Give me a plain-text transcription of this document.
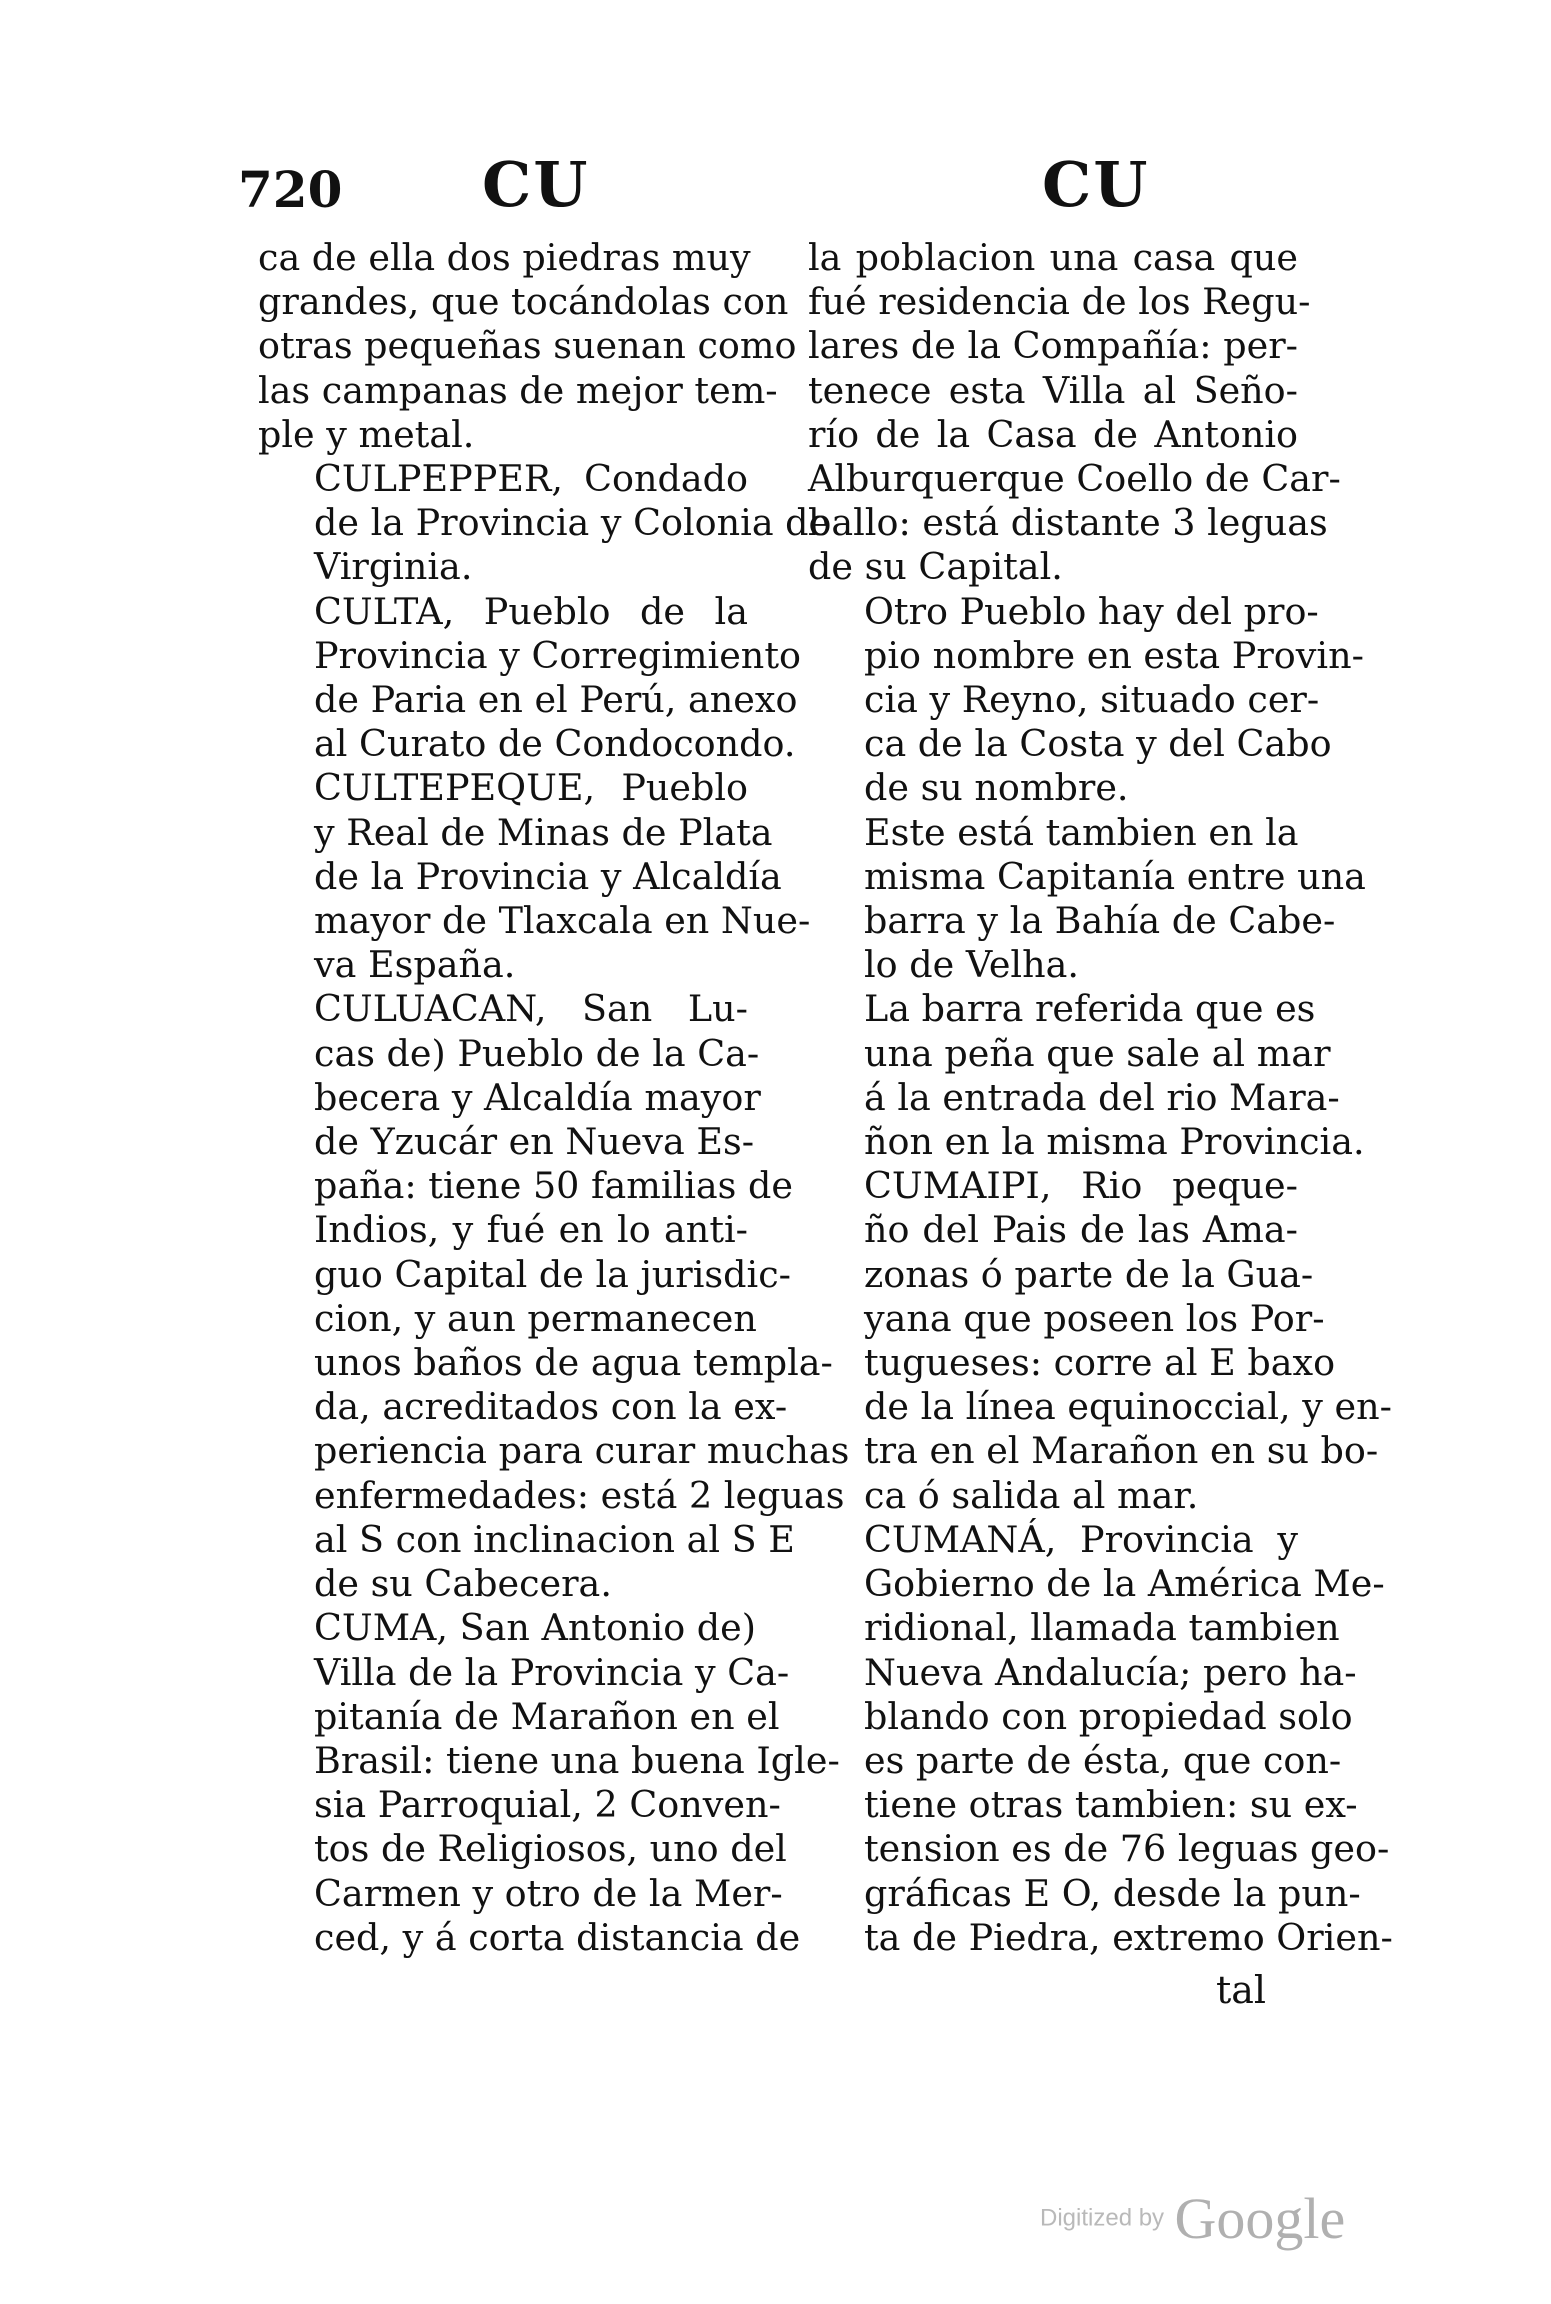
720 CU	CU

ca de ella dos piedras muy
grandes, que tocándolas con
otras pequeñas suenan como
las campanas de mejor tem-
ple y metal.

CULPEPPER, Condado
de la Provincia y Colonia de
Virginia.

CULTA, Pueblo de la
Provincia y Corregimiento
de Paria en el Perú, anexo
al Curato de Condocondo.

CULTEPEQUE, Pueblo
y Real de Minas de Plata
de la Provincia y Alcaldía
mayor de Tlaxcala en Nue-
va España.

CULUACAN, San Lu-
cas de) Pueblo de la Ca-
becera y Alcaldía mayor
de Yzucár en Nueva Es-
paña: tiene 50 familias de
Indios, y fué en lo anti-
guo Capital de la jurisdic-
cion, y aun permanecen
unos baños de agua templa-
da, acreditados con la ex-
periencia para curar muchas
enfermedades: está 2 leguas
al S con inclinacion al S E
de su Cabecera.

CUMA, San Antonio de)
Villa de la Provincia y Ca-
pitanía de Marañon en el
Brasil: tiene una buena Igle-
sia Parroquial, 2 Conven-
tos de Religiosos, uno del
Carmen y otro de la Mer-
ced, y á corta distancia de

la poblacion una casa que
fué residencia de los Regu-
lares de la Compañía: per-
tenece esta Villa al Seño-
río de la Casa de Antonio
Alburquerque Coello de Car-
ballo: está distante 3 leguas
de su Capital.

Otro Pueblo hay del pro-
pio nombre en esta Provin-
cia y Reyno, situado cer-
ca de la Costa y del Cabo
de su nombre.

Este está tambien en la
misma Capitanía entre una
barra y la Bahía de Cabe-
lo de Velha.

La barra referida que es
una peña que sale al mar
á la entrada del rio Mara-
ñon en la misma Provincia.

CUMAIPI, Rio peque-
ño del Pais de las Ama-
zonas ó parte de la Gua-
yana que poseen los Por-
tugueses: corre al E baxo
de la línea equinoccial, y en-
tra en el Marañon en su bo-
ca ó salida al mar.

CUMANÁ, Provincia y
Gobierno de la América Me-
ridional, llamada tambien
Nueva Andalucía; pero ha-
blando con propiedad solo
es parte de ésta, que con-
tiene otras tambien: su ex-
tension es de 76 leguas geo-
gráficas E O, desde la pun-
ta de Piedra, extremo Orien-

tal
Digitized by Google
